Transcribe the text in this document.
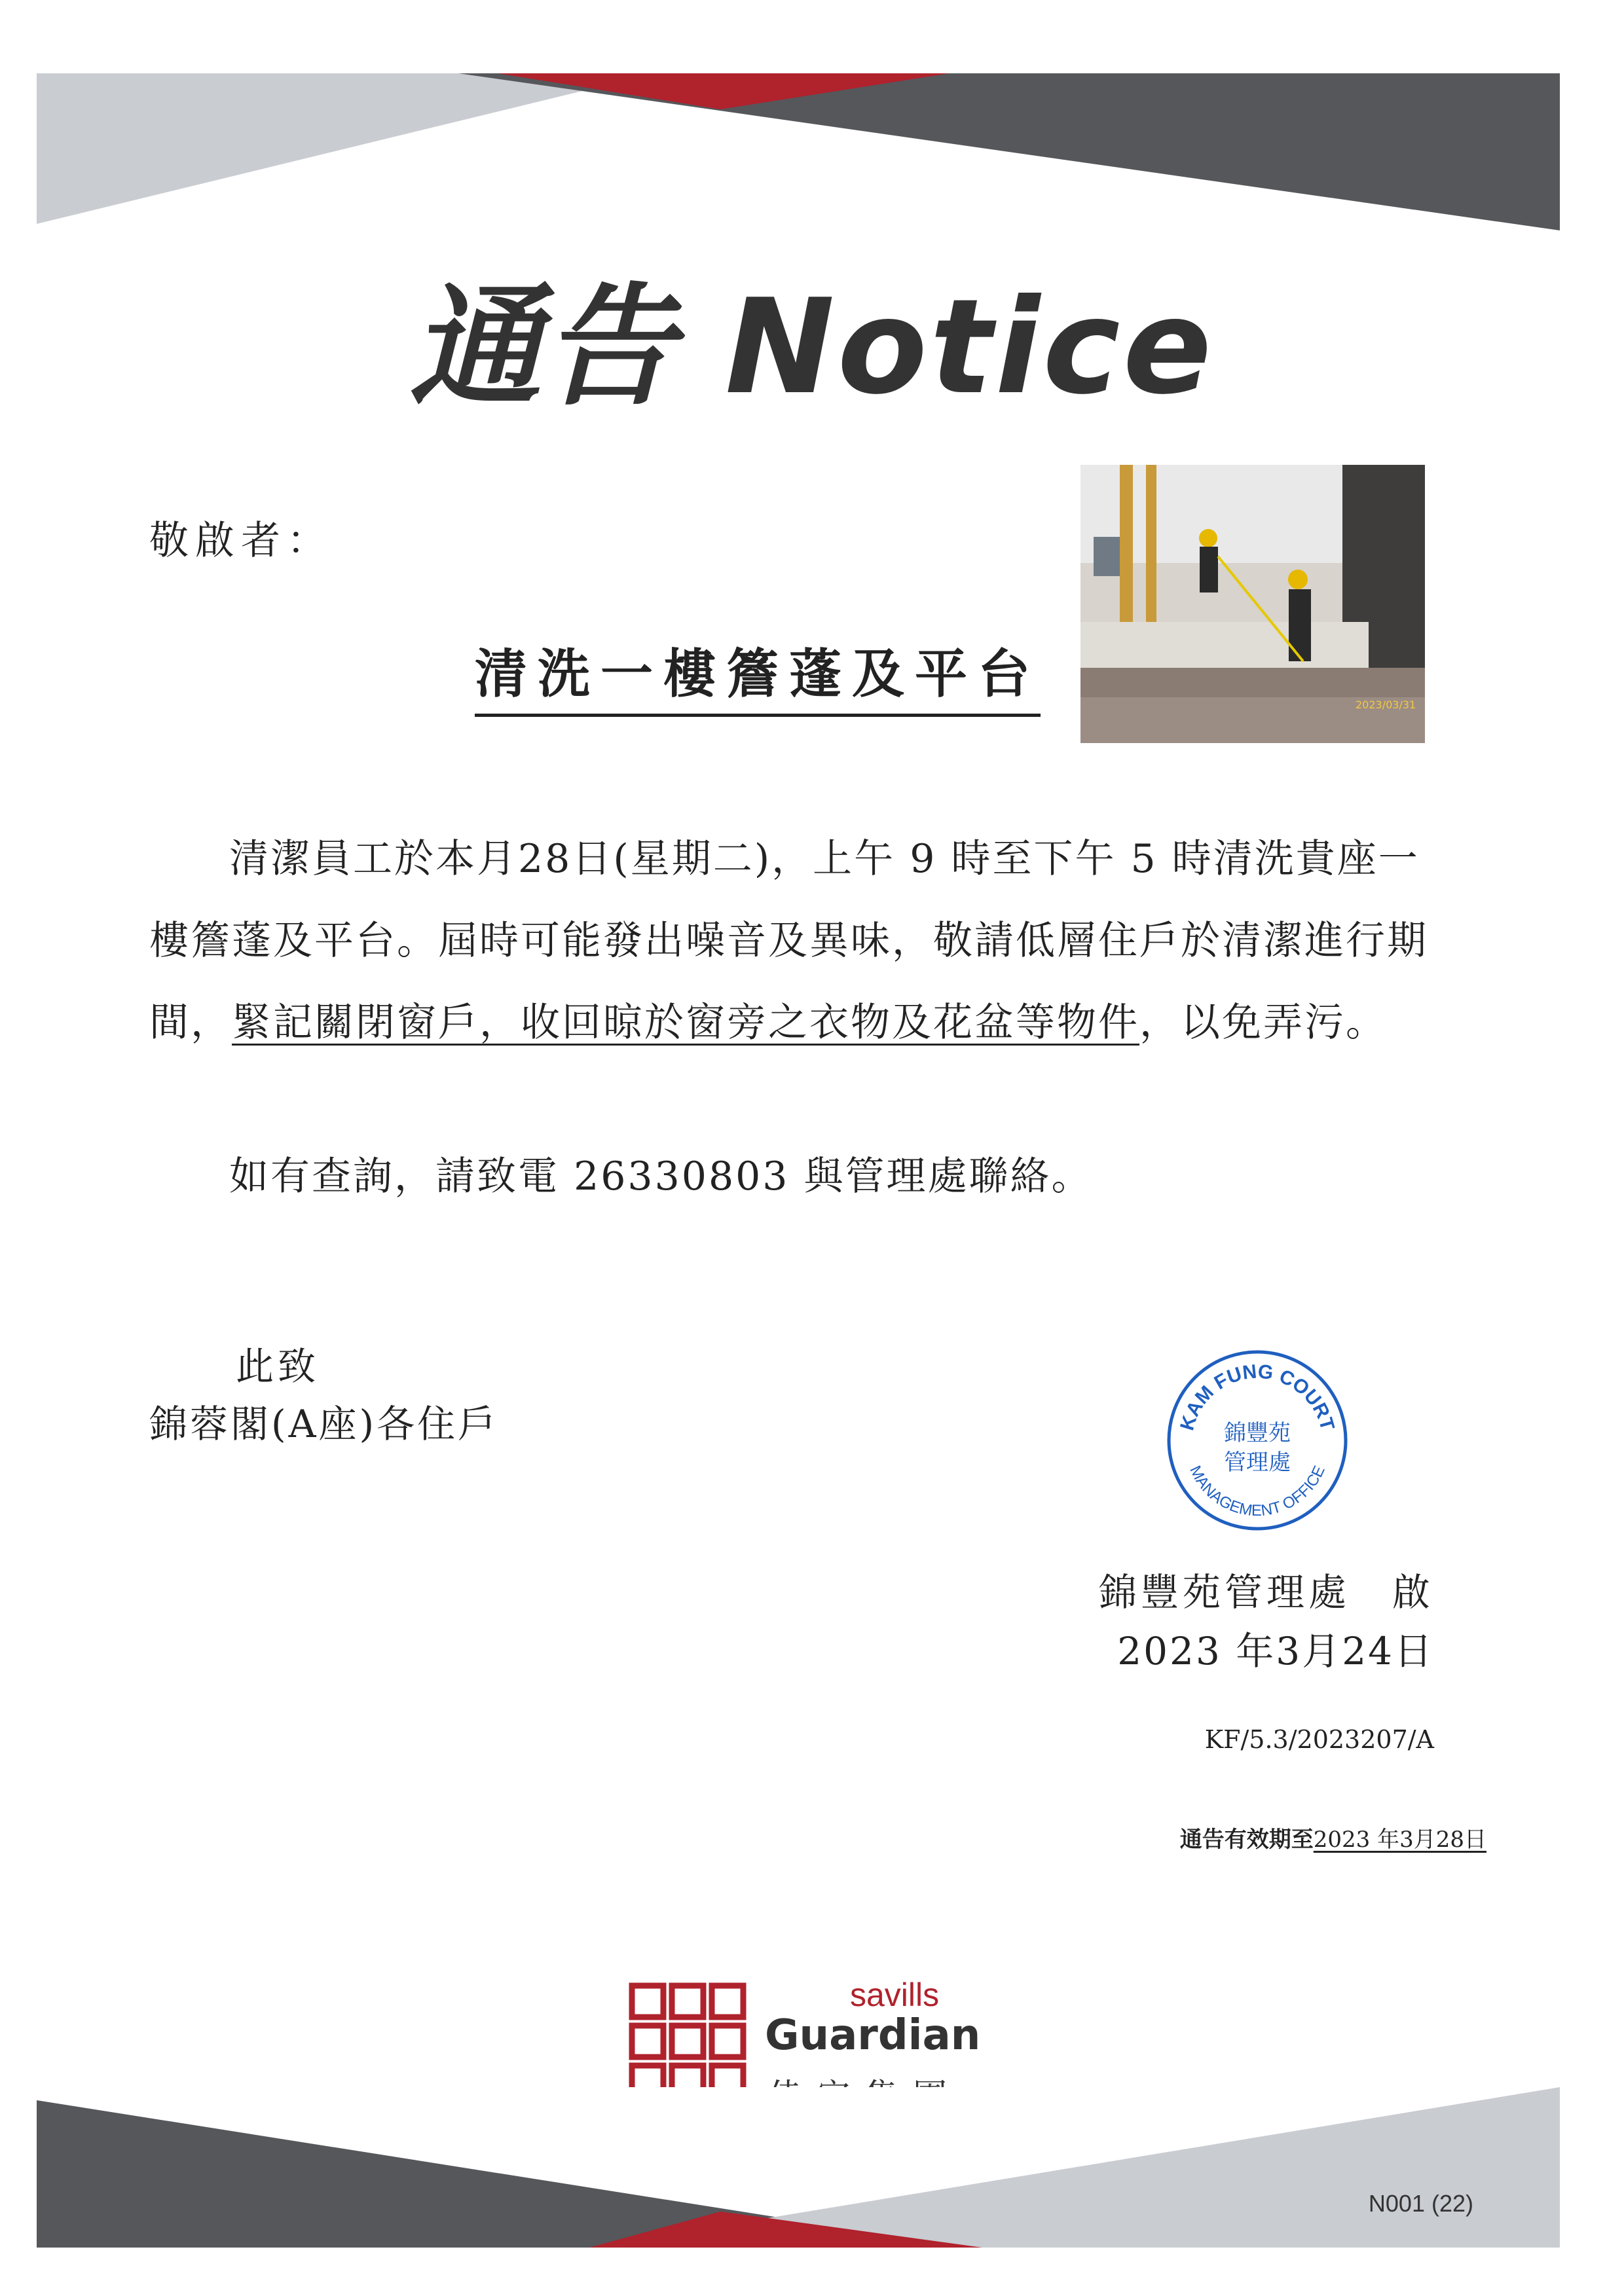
通告 Notice
敬啟者：
清洗一樓簷蓬及平台
2023/03/31
清潔員工於本月28日(星期二)，上午 9 時至下午 5 時清洗貴座一樓簷蓬及平台。屆時可能發出噪音及異味，敬請低層住戶於清潔進行期間，緊記關閉窗戶，收回晾於窗旁之衣物及花盆等物件，以免弄污。
如有查詢，請致電 26330803 與管理處聯絡。
此致
錦蓉閣(A座)各住戶	KAM FUNG COURT
錦豐苑
管理處
MANAGEMENT OFFICE
錦豐苑管理處　啟
2023 年3月24日
KF/5.3/2023207/A
通告有效期至2023 年3月28日
savills
Guardian
N001 (22)
